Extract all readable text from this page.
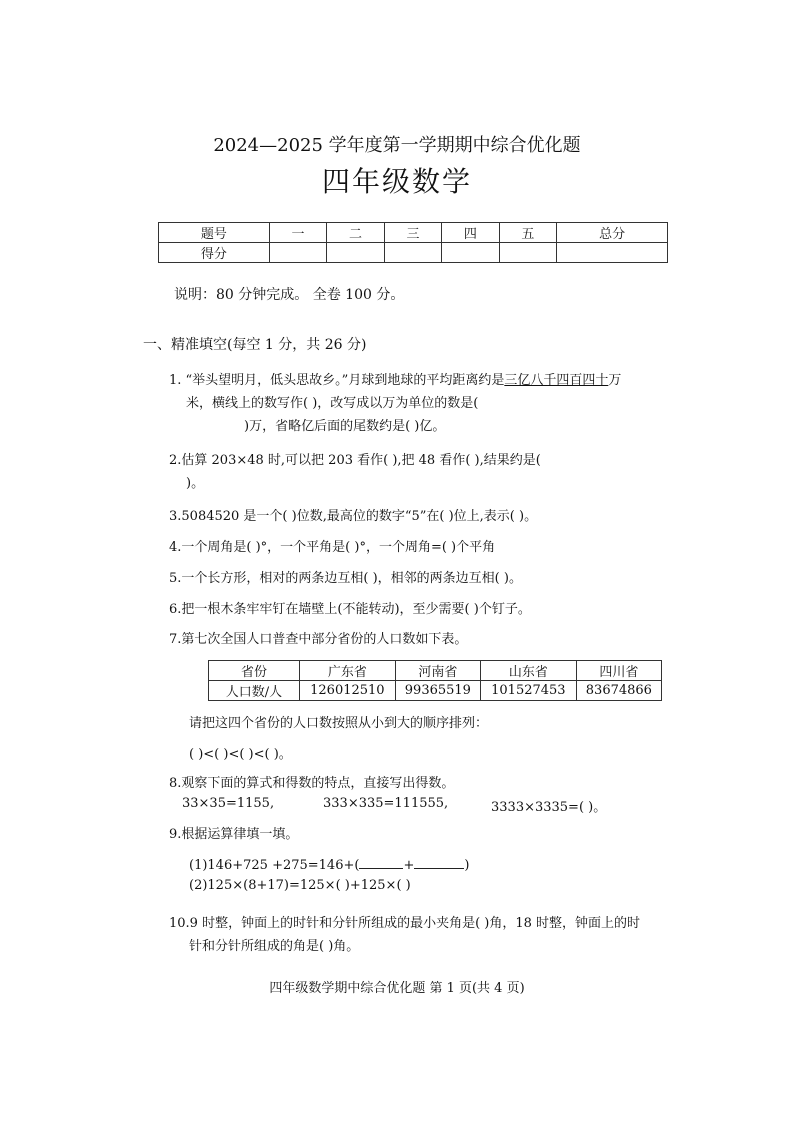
2024—2025 学年度第一学期期中综合优化题
四年级数学
题号	一	二	三	四	五	总分
得分						
说明：80 分钟完成。 全卷 100 分。
一、精准填空(每空 1 分，共 26 分)
1. “举头望明月，低头思故乡。”月球到地球的平均距离约是三亿八千四百四十万
米，横线上的数写作( )，改写成以万为单位的数是(
)万，省略亿后面的尾数约是( )亿。
2.估算 203×48 时,可以把 203 看作( ),把 48 看作( ),结果约是(
)。
3.5084520 是一个( )位数,最高位的数字“5”在( )位上,表示( )。
4.一个周角是( )°，一个平角是( )°，一个周角=( )个平角
5.一个长方形，相对的两条边互相( )，相邻的两条边互相( )。
6.把一根木条牢牢钉在墙壁上(不能转动)，至少需要( )个钉子。
7.第七次全国人口普查中部分省份的人口数如下表。
省份	广东省	河南省	山东省	四川省
人口数/人	126012510	99365519	101527453	83674866
请把这四个省份的人口数按照从小到大的顺序排列：
( )<( )<( )<( )。
8.观察下面的算式和得数的特点，直接写出得数。
33×35=1155,	333×335=111555,	3333×3335=( )。
9.根据运算律填一填。
(1)146+725 +275=146+(	+	)
(2)125×(8+17)=125×( )+125×( )
10.9 时整，钟面上的时针和分针所组成的最小夹角是( )角，18 时整，钟面上的时
针和分针所组成的角是( )角。
四年级数学期中综合优化题 第 1 页(共 4 页)
